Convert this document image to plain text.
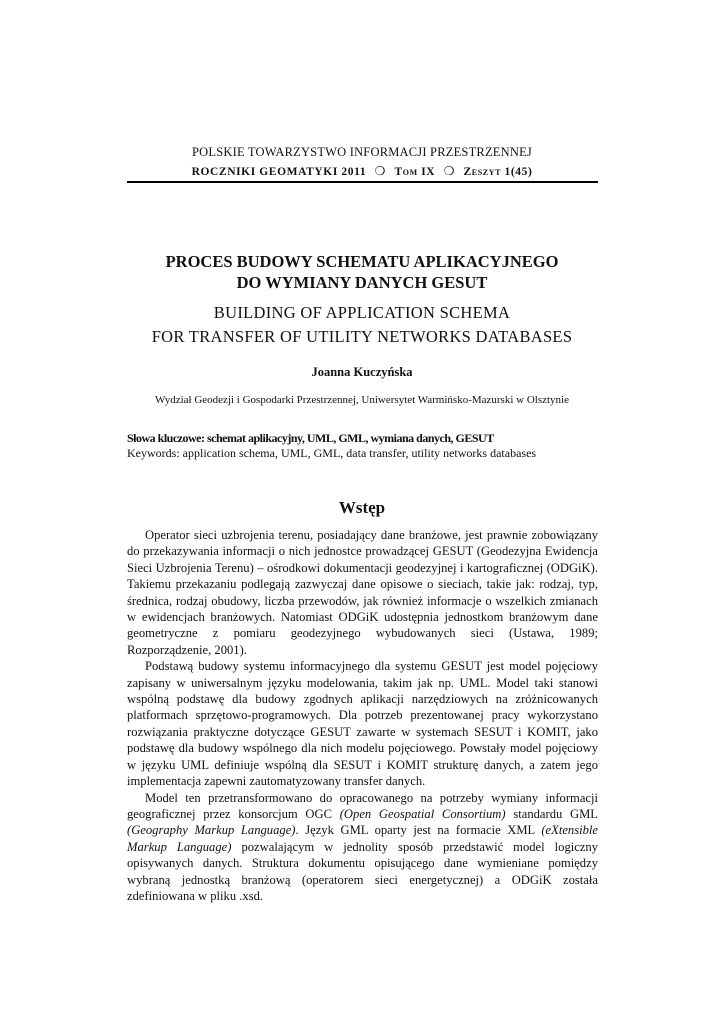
POLSKIE TOWARZYSTWO INFORMACJI PRZESTRZENNEJ
ROCZNIKI GEOMATYKI 2011 ❍ Tom IX ❍ Zeszyt 1(45)
PROCES BUDOWY SCHEMATU APLIKACYJNEGO
DO WYMIANY DANYCH GESUT
BUILDING OF APPLICATION SCHEMA
FOR TRANSFER OF UTILITY NETWORKS DATABASES
Joanna Kuczyńska
Wydział Geodezji i Gospodarki Przestrzennej, Uniwersytet Warmińsko-Mazurski w Olsztynie
Słowa kluczowe: schemat aplikacyjny, UML, GML, wymiana danych, GESUT
Keywords: application schema, UML, GML, data transfer, utility networks databases
Wstęp

Operator sieci uzbrojenia terenu, posiadający dane branżowe, jest prawnie zobowiązany do przekazywania informacji o nich jednostce prowadzącej GESUT (Geodezyjna Ewidencja Sieci Uzbrojenia Terenu) – ośrodkowi dokumentacji geodezyjnej i kartograficznej (ODGiK). Takiemu przekazaniu podlegają zazwyczaj dane opisowe o sieciach, takie jak: rodzaj, typ, średnica, rodzaj obudowy, liczba przewodów, jak również informacje o wszelkich zmianach w ewidencjach branżowych. Natomiast ODGiK udostępnia jednostkom branżowym dane geometryczne z pomiaru geodezyjnego wybudowanych sieci (Ustawa, 1989; Rozporządzenie, 2001).

Podstawą budowy systemu informacyjnego dla systemu GESUT jest model pojęciowy zapisany w uniwersalnym języku modelowania, takim jak np. UML. Model taki stanowi wspólną podstawę dla budowy zgodnych aplikacji narzędziowych na zróżnicowanych platformach sprzętowo-programowych. Dla potrzeb prezentowanej pracy wykorzystano rozwiązania praktyczne dotyczące GESUT zawarte w systemach SESUT i KOMIT, jako podstawę dla budowy wspólnego dla nich modelu pojęciowego. Powstały model pojęciowy w języku UML definiuje wspólną dla SESUT i KOMIT strukturę danych, a zatem jego implementacja zapewni zautomatyzowany transfer danych.

Model ten przetransformowano do opracowanego na potrzeby wymiany informacji geograficznej przez konsorcjum OGC (Open Geospatial Consortium) standardu GML (Geography Markup Language). Język GML oparty jest na formacie XML (eXtensible Markup Language) pozwalającym w jednolity sposób przedstawić model logiczny opisywanych danych. Struktura dokumentu opisującego dane wymieniane pomiędzy wybraną jednostką branżową (operatorem sieci energetycznej) a ODGiK została zdefiniowana w pliku .xsd.
